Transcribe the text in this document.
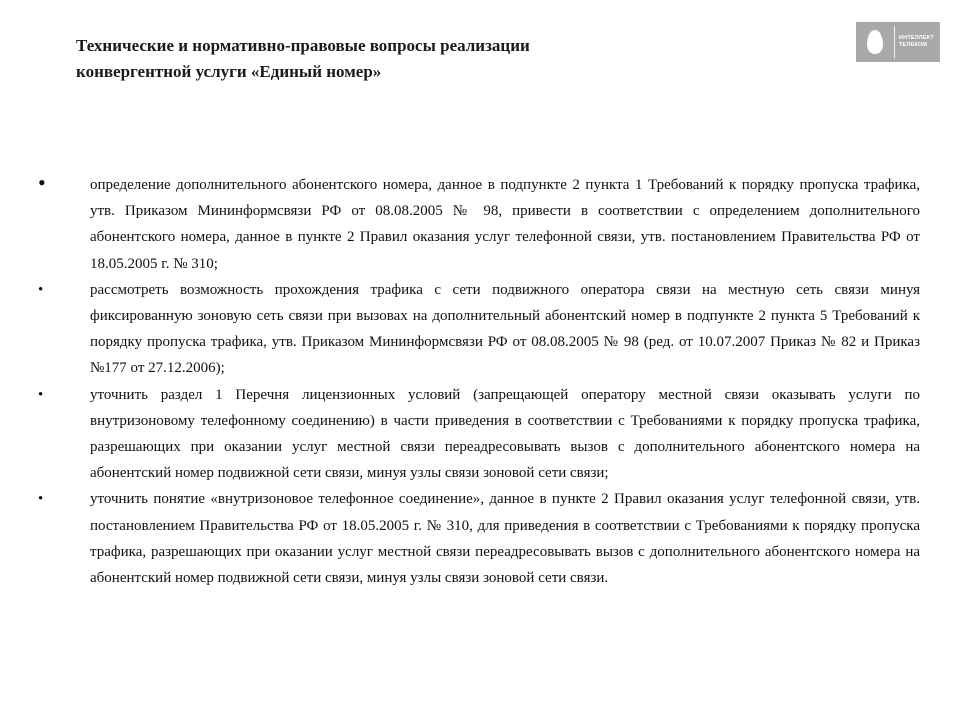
Технические и нормативно-правовые вопросы реализации
конвергентной услуги «Единый номер»
ИНТЕЛЛЕКТ
ТЕЛЕКОМ
•	определение дополнительного абонентского номера, данное в подпункте 2 пункта 1 Требований к порядку пропуска трафика, утв. Приказом Мининформсвязи РФ от 08.08.2005 № 98, привести в соответствии с определением дополнительного абонентского номера, данное в пункте 2 Правил оказания услуг телефонной связи, утв. постановлением Правительства РФ от 18.05.2005 г. № 310;
•	рассмотреть возможность прохождения трафика с сети подвижного оператора связи на местную сеть связи минуя фиксированную зоновую сеть связи при вызовах на дополнительный абонентский номер в подпункте 2 пункта 5 Требований к порядку пропуска трафика, утв. Приказом Мининформсвязи РФ от 08.08.2005 № 98 (ред. от 10.07.2007 Приказ № 82 и Приказ №177 от 27.12.2006);
•	уточнить раздел 1 Перечня лицензионных условий (запрещающей оператору местной связи оказывать услуги по внутризоновому телефонному соединению) в части приведения в соответствии с Требованиями к порядку пропуска трафика, разрешающих при оказании услуг местной связи переадресовывать вызов с дополнительного абонентского номера на абонентский номер подвижной сети связи, минуя узлы связи зоновой сети связи;
•	уточнить понятие «внутризоновое телефонное соединение», данное в пункте 2 Правил оказания услуг телефонной связи, утв. постановлением Правительства РФ от 18.05.2005 г. № 310, для приведения в соответствии с Требованиями к порядку пропуска трафика, разрешающих при оказании услуг местной связи переадресовывать вызов с дополнительного абонентского номера на абонентский номер подвижной сети связи, минуя узлы связи зоновой сети связи.
